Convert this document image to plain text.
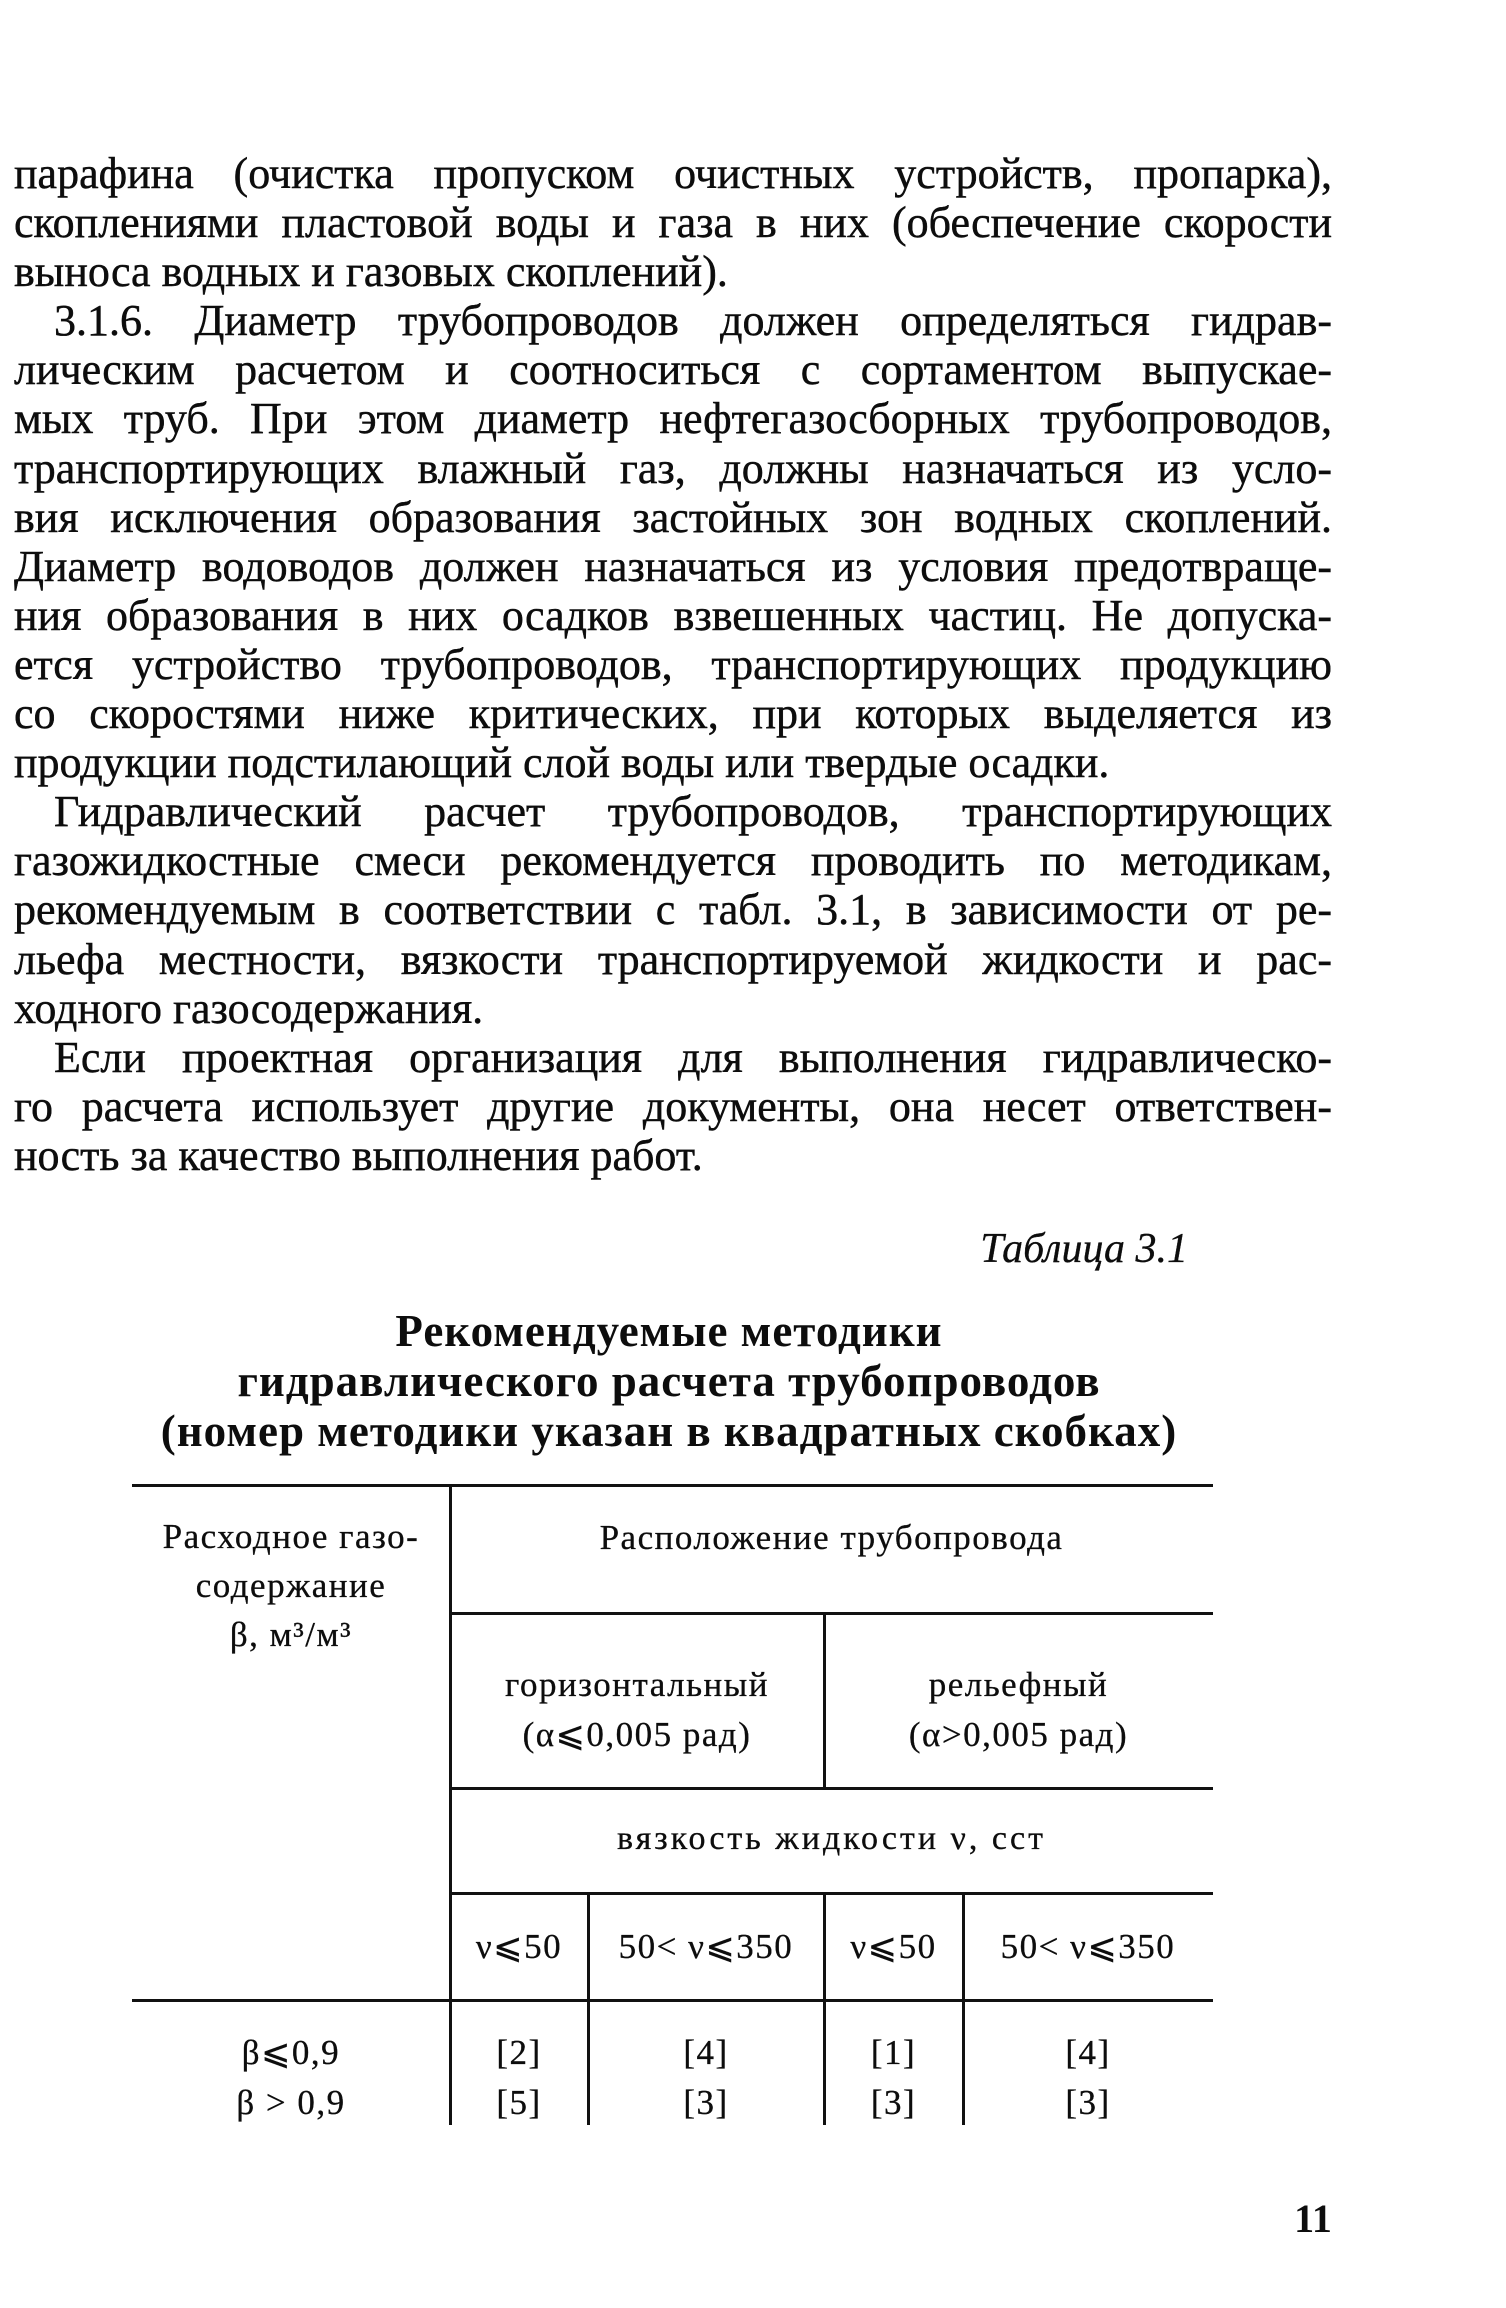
парафина (очистка пропуском очистных устройств, пропарка),
скоплениями пластовой воды и газа в них (обеспечение скорости
выноса водных и газовых скоплений).
3.1.6. Диаметр трубопроводов должен определяться гидрав-
лическим расчетом и соотноситься с сортаментом выпускае-
мых труб. При этом диаметр нефтегазосборных трубопроводов,
транспортирующих влажный газ, должны назначаться из усло-
вия исключения образования застойных зон водных скоплений.
Диаметр водоводов должен назначаться из условия предотвраще-
ния образования в них осадков взвешенных частиц. Не допуска-
ется устройство трубопроводов, транспортирующих продукцию
со скоростями ниже критических, при которых выделяется из
продукции подстилающий слой воды или твердые осадки.
Гидравлический расчет трубопроводов, транспортирующих
газожидкостные смеси рекомендуется проводить по методикам,
рекомендуемым в соответствии с табл. 3.1, в зависимости от ре-
льефа местности, вязкости транспортируемой жидкости и рас-
ходного газосодержания.
Если проектная организация для выполнения гидравлическо-
го расчета использует другие документы, она несет ответствен-
ность за качество выполнения работ.
Таблица 3.1
Рекомендуемые методики
гидравлического расчета трубопроводов
(номер методики указан в квадратных скобках)
Расходное газо-
содержание
β, м³/м³
Расположение трубопровода
горизонтальный
(α⩽0,005 рад)
рельефный
(α>0,005 рад)
вязкость жидкости ν, сст
ν⩽50	50< ν⩽350	ν⩽50	50< ν⩽350
β⩽0,9	[2]	[4]	[1]	[4]
β > 0,9	[5]	[3]	[3]	[3]
11
